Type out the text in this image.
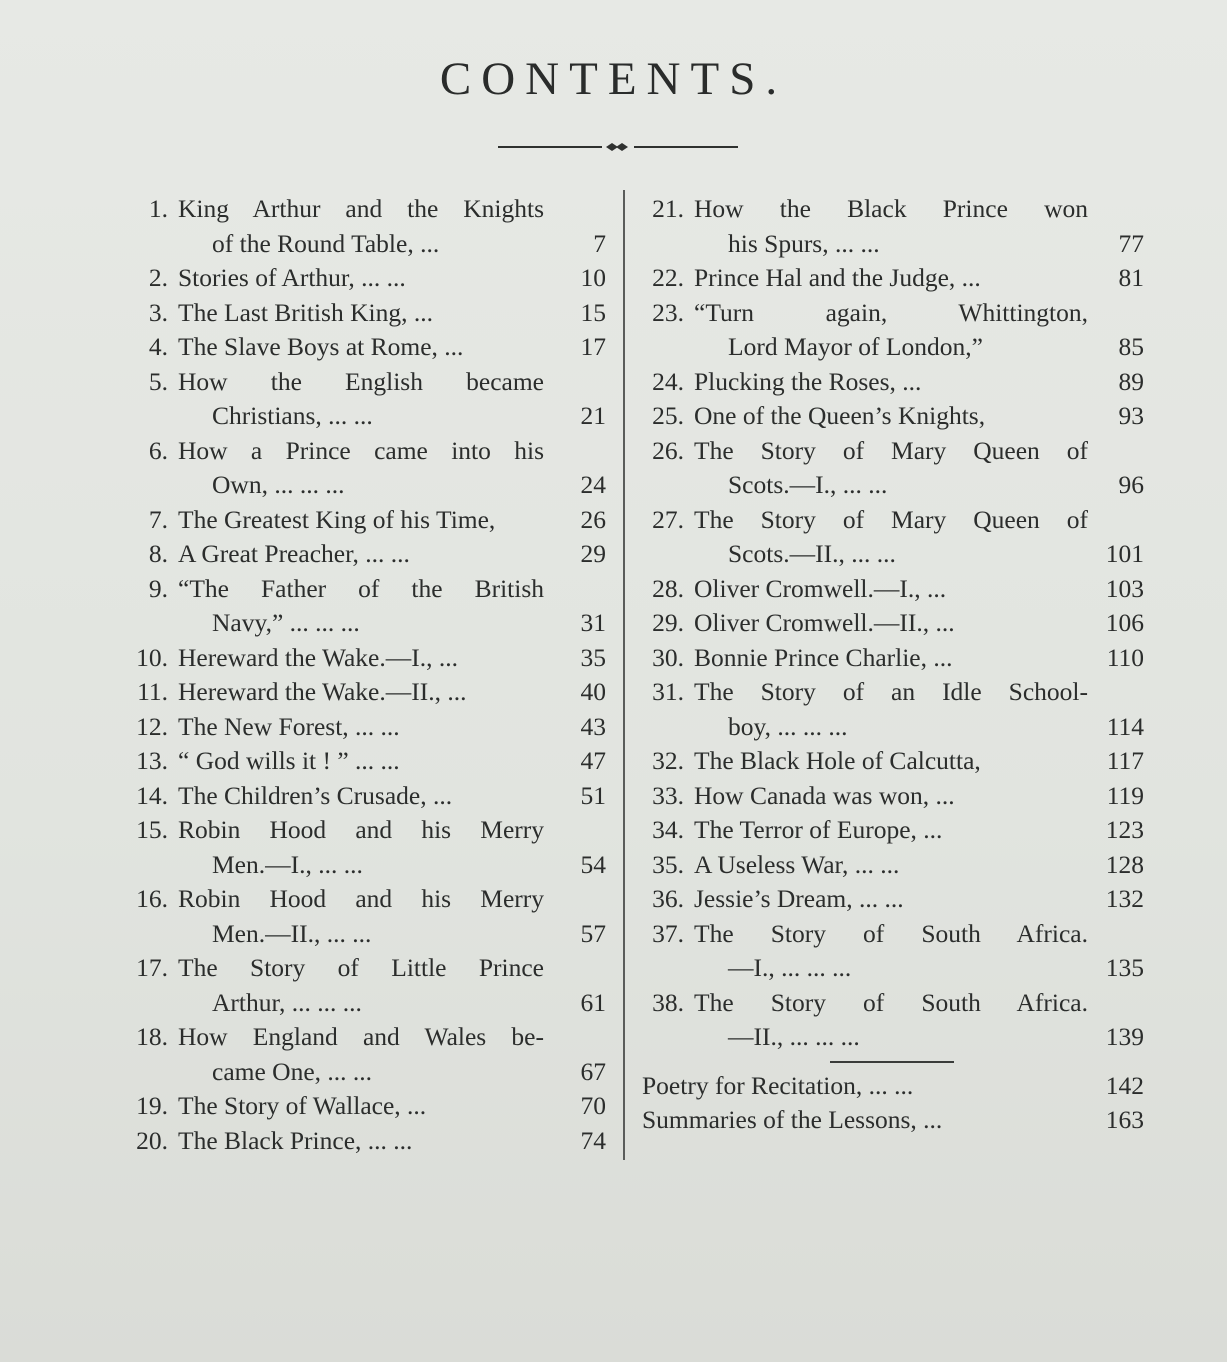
CONTENTS.
1. King Arthur and the Knights
of the Round Table, ...	7
2. Stories of Arthur, ... ...	10
3. The Last British King, ...	15
4. The Slave Boys at Rome, ...	17
5. How the English became
Christians, ... ...	21
6. How a Prince came into his
Own, ... ... ...	24
7. The Greatest King of his Time,	26
8. A Great Preacher, ... ...	29
9. “The Father of the British
Navy,” ... ... ...	31
10. Hereward the Wake.—I., ...	35
11. Hereward the Wake.—II., ...	40
12. The New Forest, ... ...	43
13. “ God wills it ! ” ... ...	47
14. The Children’s Crusade, ...	51
15. Robin Hood and his Merry
Men.—I., ... ...	54
16. Robin Hood and his Merry
Men.—II., ... ...	57
17. The Story of Little Prince
Arthur, ... ... ...	61
18. How England and Wales be-
came One, ... ...	67
19. The Story of Wallace, ...	70
20. The Black Prince, ... ...	74
21. How the Black Prince won
his Spurs, ... ...	77
22. Prince Hal and the Judge, ...	81
23. “Turn again, Whittington,
Lord Mayor of London,”	85
24. Plucking the Roses, ...	89
25. One of the Queen’s Knights,	93
26. The Story of Mary Queen of
Scots.—I., ... ...	96
27. The Story of Mary Queen of
Scots.—II., ... ...	101
28. Oliver Cromwell.—I., ...	103
29. Oliver Cromwell.—II., ...	106
30. Bonnie Prince Charlie, ...	110
31. The Story of an Idle School-
boy, ... ... ...	114
32. The Black Hole of Calcutta,	117
33. How Canada was won, ...	119
34. The Terror of Europe, ...	123
35. A Useless War, ... ...	128
36. Jessie’s Dream, ... ...	132
37. The Story of South Africa.
—I., ... ... ...	135
38. The Story of South Africa.
—II., ... ... ...	139
Poetry for Recitation, ... ...	142
Summaries of the Lessons, ...	163
